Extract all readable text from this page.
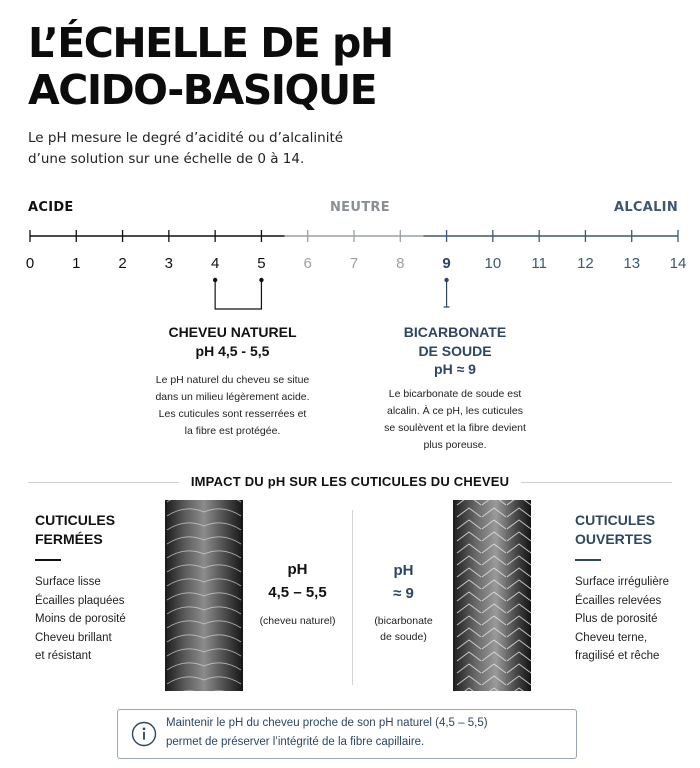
L’ÉCHELLE DE pH
ACIDO-BASIQUE
Le pH mesure le degré d’acidité ou d’alcalinité
d’une solution sur une échelle de 0 à 14.
ACIDE	NEUTRE	ALCALIN
0	1	2	3	4	5	6	7	8	9 10 11 12 13 14
CHEVEU NATUREL
pH 4,5 - 5,5
Le pH naturel du cheveu se situe
dans un milieu légèrement acide.
Les cuticules sont resserrées et
la fibre est protégée.
BICARBONATE
DE SOUDE
pH ≈ 9
Le bicarbonate de soude est
alcalin. À ce pH, les cuticules
se soulèvent et la fibre devient
plus poreuse.
IMPACT DU pH SUR LES CUTICULES DU CHEVEU
CUTICULES
FERMÉES
Surface lisse
Écailles plaquées
Moins de porosité
Cheveu brillant
et résistant
pH
4,5 – 5,5
(cheveu naturel)
pH
≈ 9
(bicarbonate
de soude)
CUTICULES
OUVERTES
Surface irrégulière
Écailles relevées
Plus de porosité
Cheveu terne,
fragilisé et rêche
Maintenir le pH du cheveu proche de son pH naturel (4,5 – 5,5)
permet de préserver l’intégrité de la fibre capillaire.
